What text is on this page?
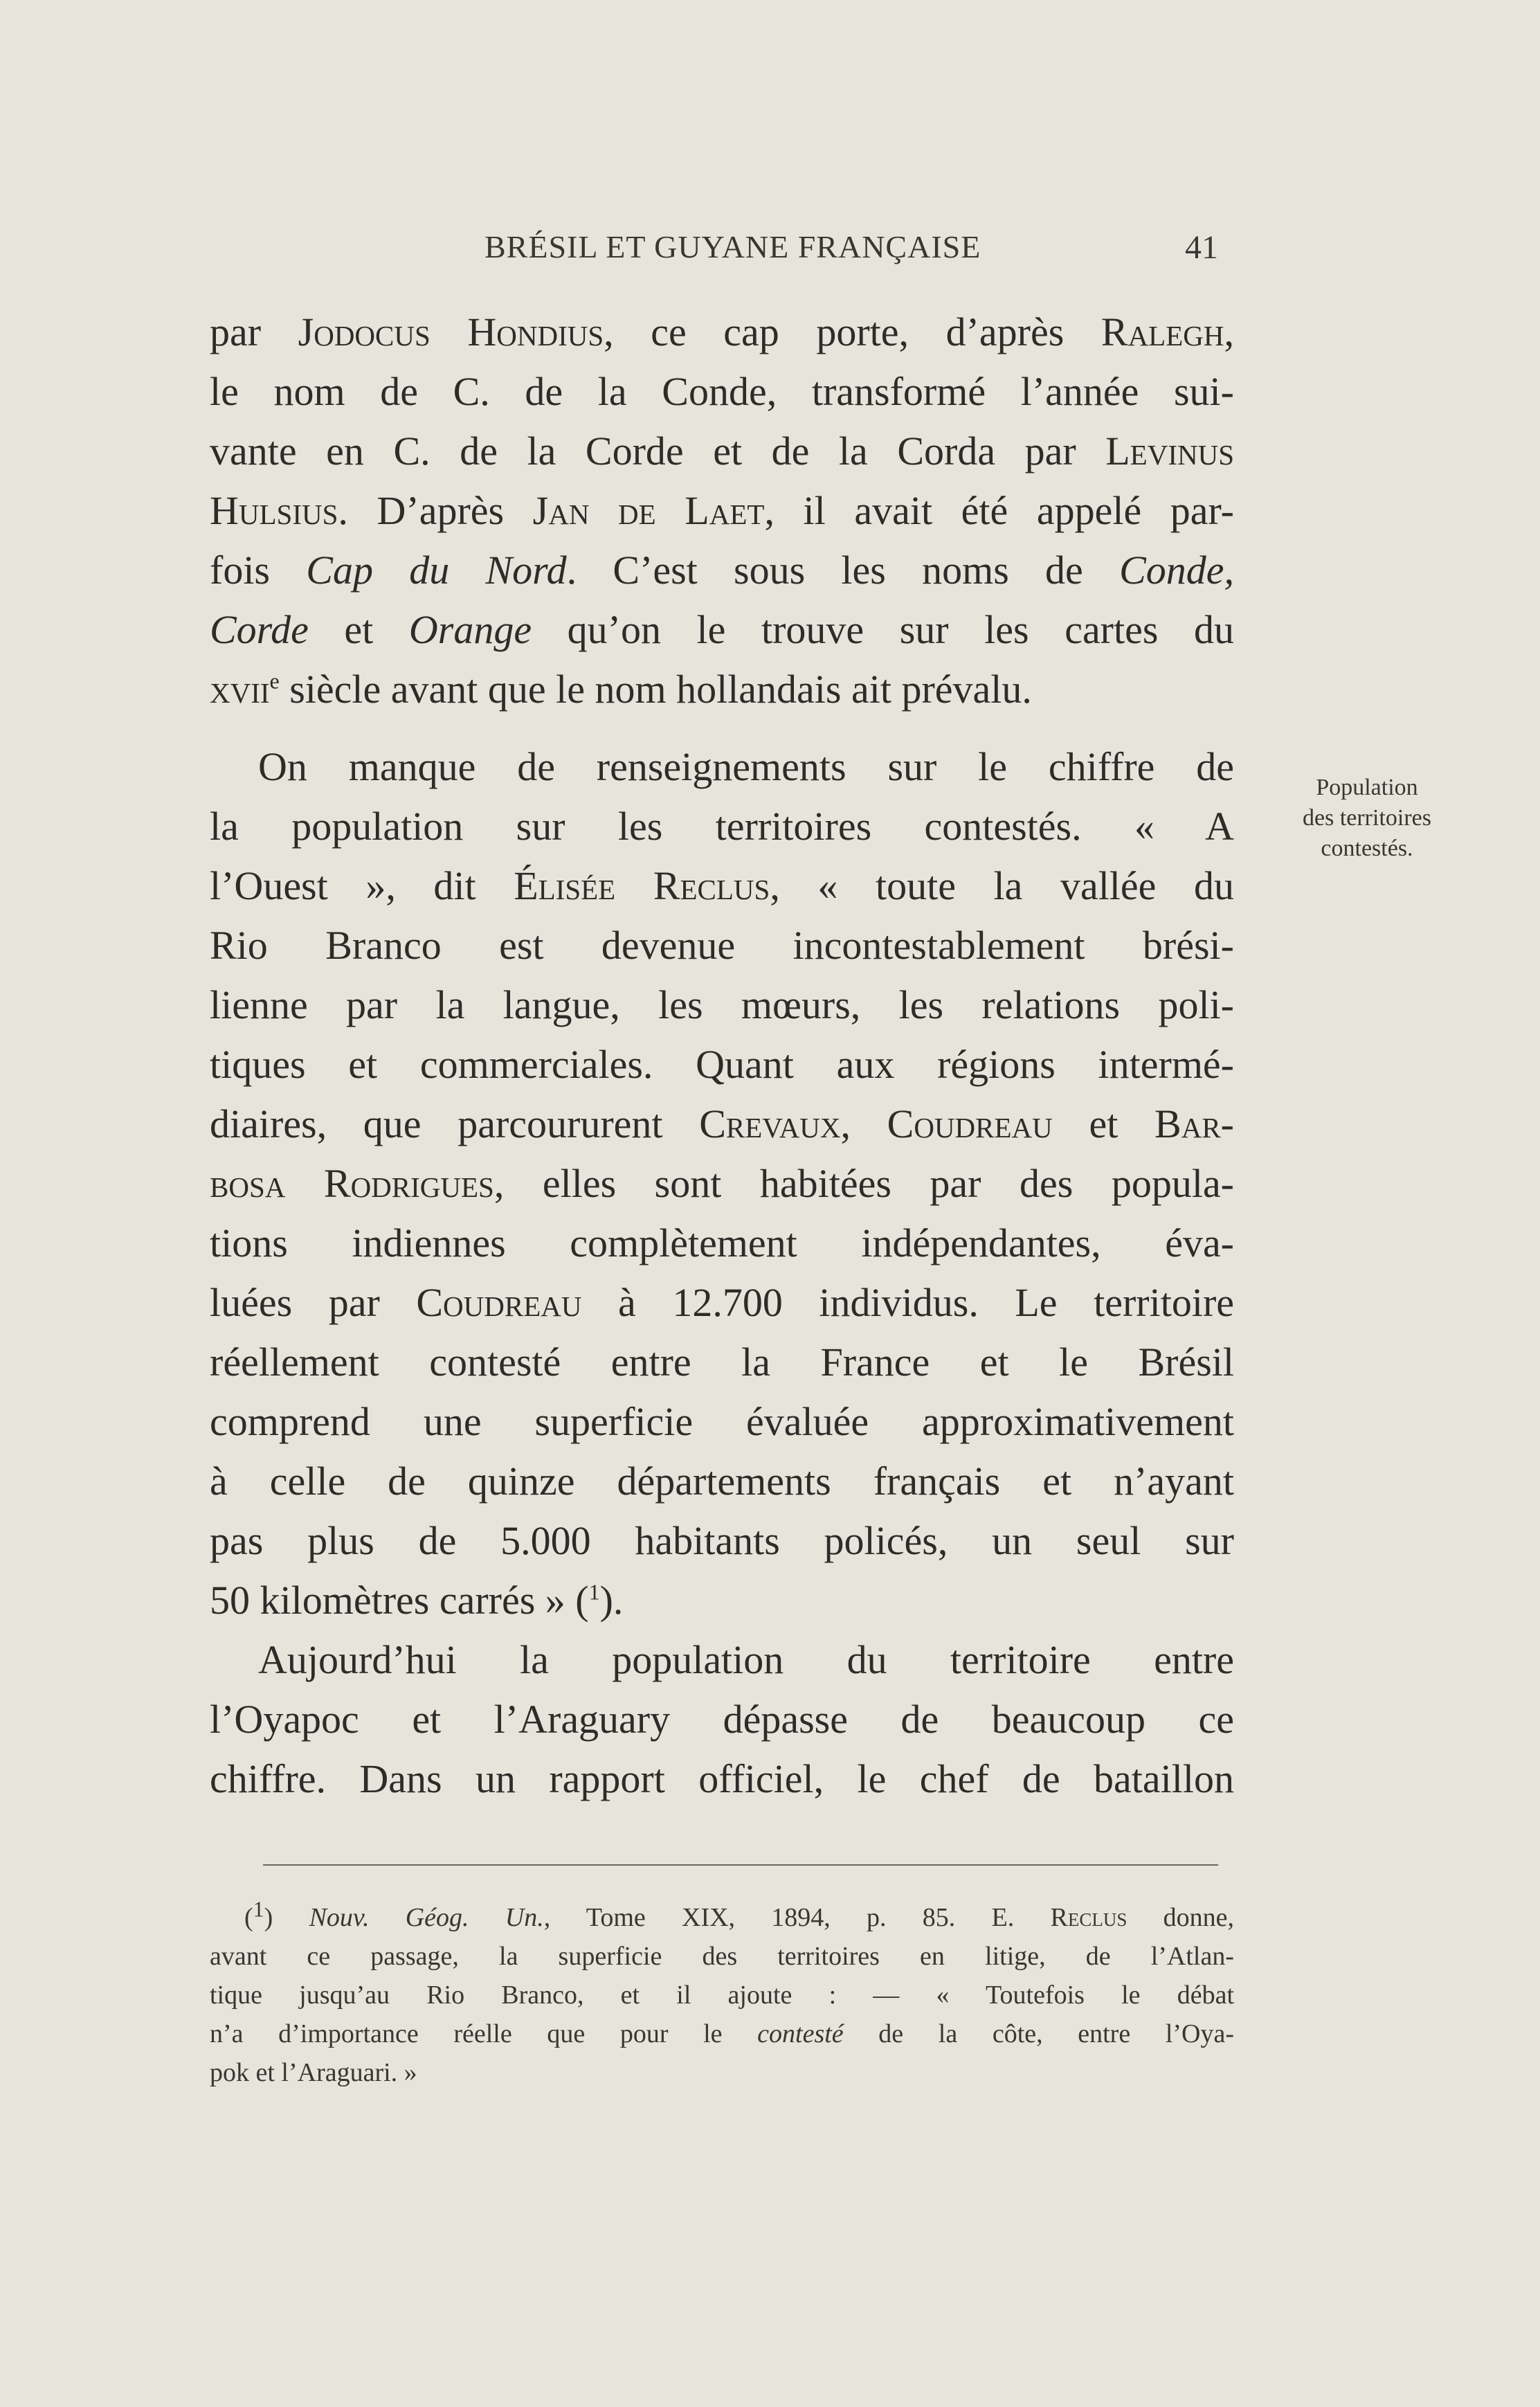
BRÉSIL ET GUYANE FRANÇAISE	41
par Jodocus Hondius, ce cap porte, d’après Ralegh,
le nom de C. de la Conde, transformé l’année sui-
vante en C. de la Corde et de la Corda par Levinus
Hulsius. D’après Jan de Laet, il avait été appelé par-
fois Cap du Nord. C’est sous les noms de Conde,
Corde et Orange qu’on le trouve sur les cartes du
xvii$^e$ siècle avant que le nom hollandais ait prévalu.
On manque de renseignements sur le chiffre de
la population sur les territoires contestés. « A
l’Ouest », dit Élisée Reclus, « toute la vallée du
Rio Branco est devenue incontestablement brési-
lienne par la langue, les mœurs, les relations poli-
tiques et commerciales. Quant aux régions intermé-
diaires, que parcoururent Crevaux, Coudreau et Bar-
bosa Rodrigues, elles sont habitées par des popula-
tions indiennes complètement indépendantes, éva-
luées par Coudreau à 12.700 individus. Le territoire
réellement contesté entre la France et le Brésil
comprend une superficie évaluée approximativement
à celle de quinze départements français et n’ayant
pas plus de 5.000 habitants policés, un seul sur
50 kilomètres carrés » ($^1$).
Aujourd’hui la population du territoire entre
l’Oyapoc et l’Araguary dépasse de beaucoup ce
chiffre. Dans un rapport officiel, le chef de bataillon
Population
des territoires
contestés.
($^1$) Nouv. Géog. Un., Tome XIX, 1894, p. 85. E. Reclus donne,
avant ce passage, la superficie des territoires en litige, de l’Atlan-
tique jusqu’au Rio Branco, et il ajoute : — « Toutefois le débat
n’a d’importance réelle que pour le contesté de la côte, entre l’Oya-
pok et l’Araguari. »
